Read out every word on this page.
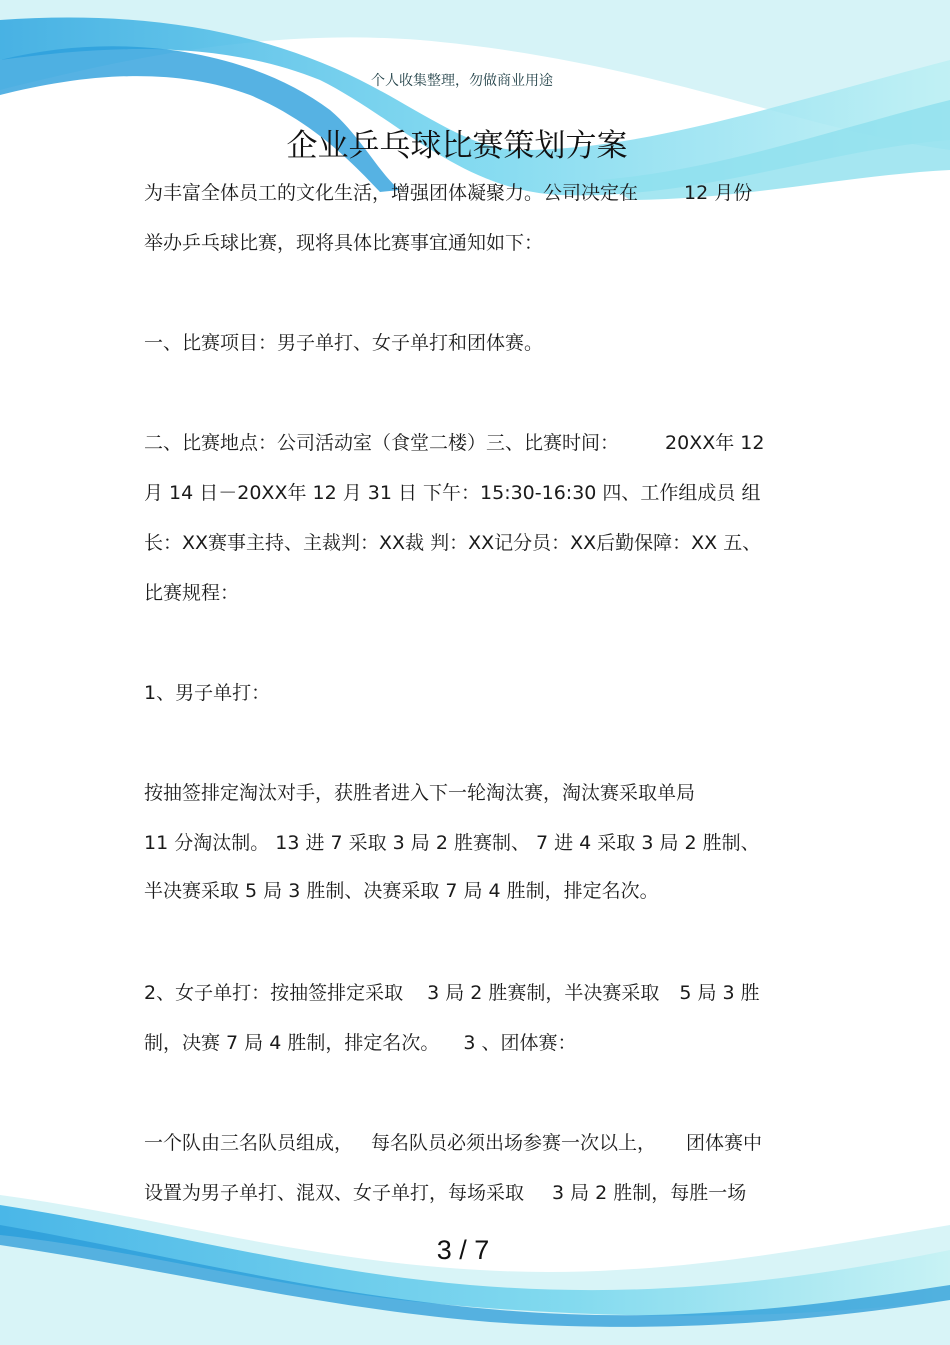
个人收集整理，勿做商业用途
企业乒乓球比赛策划方案
为丰富全体员工的文化生活，增强团体凝聚力。公司决定在 12 月份
举办乒乓球比赛，现将具体比赛事宜通知如下：
一、比赛项目：男子单打、女子单打和团体赛。
二、比赛地点：公司活动室（食堂二楼）三、比赛时间： 20XX年 12
月 14 日－20XX年 12 月 31 日 下午：15:30-16:30 四、工作组成员 组
长：XX赛事主持、主裁判：XX裁 判：XX记分员：XX后勤保障：XX 五、
比赛规程：
1、男子单打：
按抽签排定淘汰对手，获胜者进入下一轮淘汰赛，淘汰赛采取单局
11 分淘汰制。 13 进 7 采取 3 局 2 胜赛制、 7 进 4 采取 3 局 2 胜制、
半决赛采取 5 局 3 胜制、决赛采取 7 局 4 胜制，排定名次。
2、女子单打：按抽签排定采取 3 局 2 胜赛制，半决赛采取 5 局 3 胜
制，决赛 7 局 4 胜制，排定名次。 3 、团体赛：
一个队由三名队员组成， 每名队员必须出场参赛一次以上， 团体赛中
设置为男子单打、混双、女子单打，每场采取 3 局 2 胜制，每胜一场
3 / 7
